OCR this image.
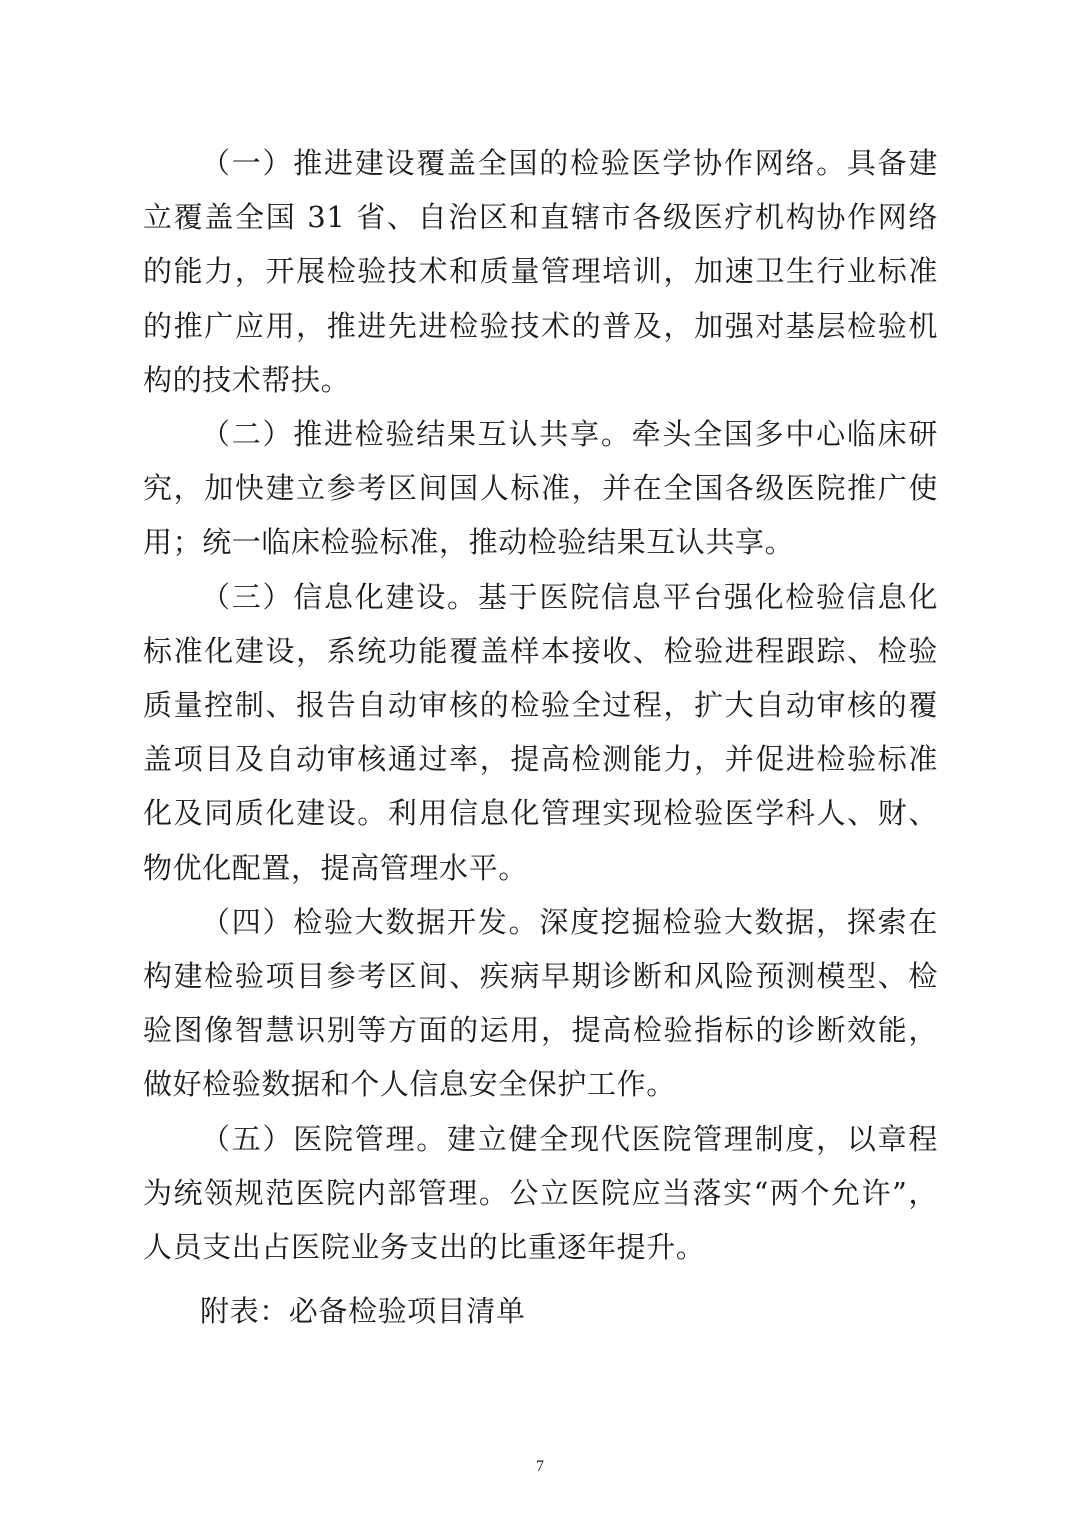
（一）推进建设覆盖全国的检验医学协作网络。具备建立覆盖全国 31 省、自治区和直辖市各级医疗机构协作网络的能力，开展检验技术和质量管理培训，加速卫生行业标准的推广应用，推进先进检验技术的普及，加强对基层检验机构的技术帮扶。

（二）推进检验结果互认共享。牵头全国多中心临床研究，加快建立参考区间国人标准，并在全国各级医院推广使用；统一临床检验标准，推动检验结果互认共享。

（三）信息化建设。基于医院信息平台强化检验信息化标准化建设，系统功能覆盖样本接收、检验进程跟踪、检验质量控制、报告自动审核的检验全过程，扩大自动审核的覆盖项目及自动审核通过率，提高检测能力，并促进检验标准化及同质化建设。利用信息化管理实现检验医学科人、财、物优化配置，提高管理水平。

（四）检验大数据开发。深度挖掘检验大数据，探索在构建检验项目参考区间、疾病早期诊断和风险预测模型、检验图像智慧识别等方面的运用，提高检验指标的诊断效能，做好检验数据和个人信息安全保护工作。

（五）医院管理。建立健全现代医院管理制度，以章程为统领规范医院内部管理。公立医院应当落实“两个允许”，人员支出占医院业务支出的比重逐年提升。

附表：必备检验项目清单
7
